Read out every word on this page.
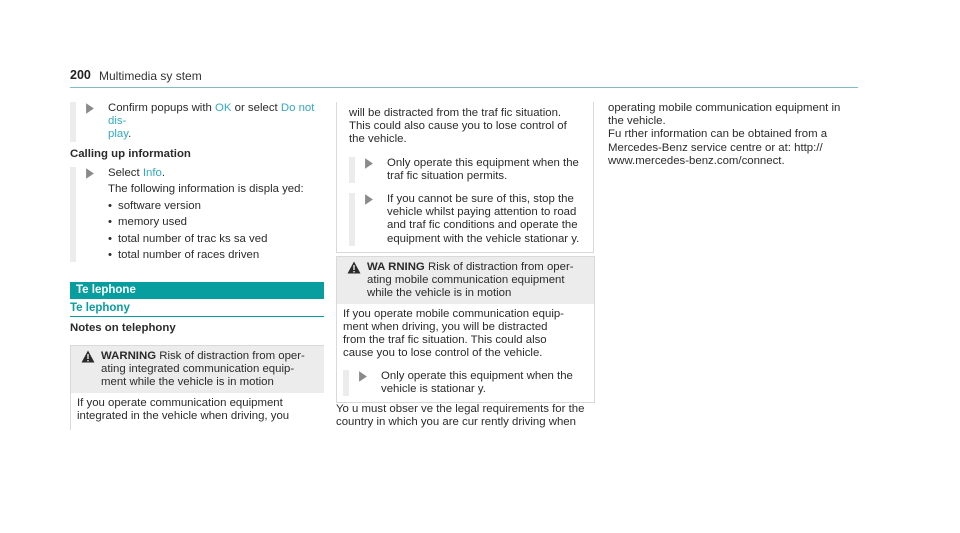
200 Multimedia sy stem
Confirm popups with OK or select Do not dis-
play.
Calling up information
Select Info.
The following information is displa yed:
• software version
• memory used
• total number of trac ks sa ved
• total number of races driven
Te lephone
Te lephony
Notes on telephony
WARNING Risk of distraction from oper-
ating integrated communication equip-
ment while the vehicle is in motion
If you operate communication equipment
integrated in the vehicle when driving, you
will be distracted from the traf fic situation.
This could also cause you to lose control of
the vehicle.
Only operate this equipment when the
traf fic situation permits.
If you cannot be sure of this, stop the
vehicle whilst paying attention to road
and traf fic conditions and operate the
equipment with the vehicle stationar y.
WA RNING Risk of distraction from oper-
ating mobile communication equipment
while the vehicle is in motion
If you operate mobile communication equip-
ment when driving, you will be distracted
from the traf fic situation. This could also
cause you to lose control of the vehicle.
Only operate this equipment when the
vehicle is stationar y.
Yo u must obser ve the legal requirements for the
country in which you are cur rently driving when
operating mobile communication equipment in
the vehicle.
Fu rther information can be obtained from a
Mercedes-Benz service centre or at: http://
www.mercedes-benz.com/connect.
